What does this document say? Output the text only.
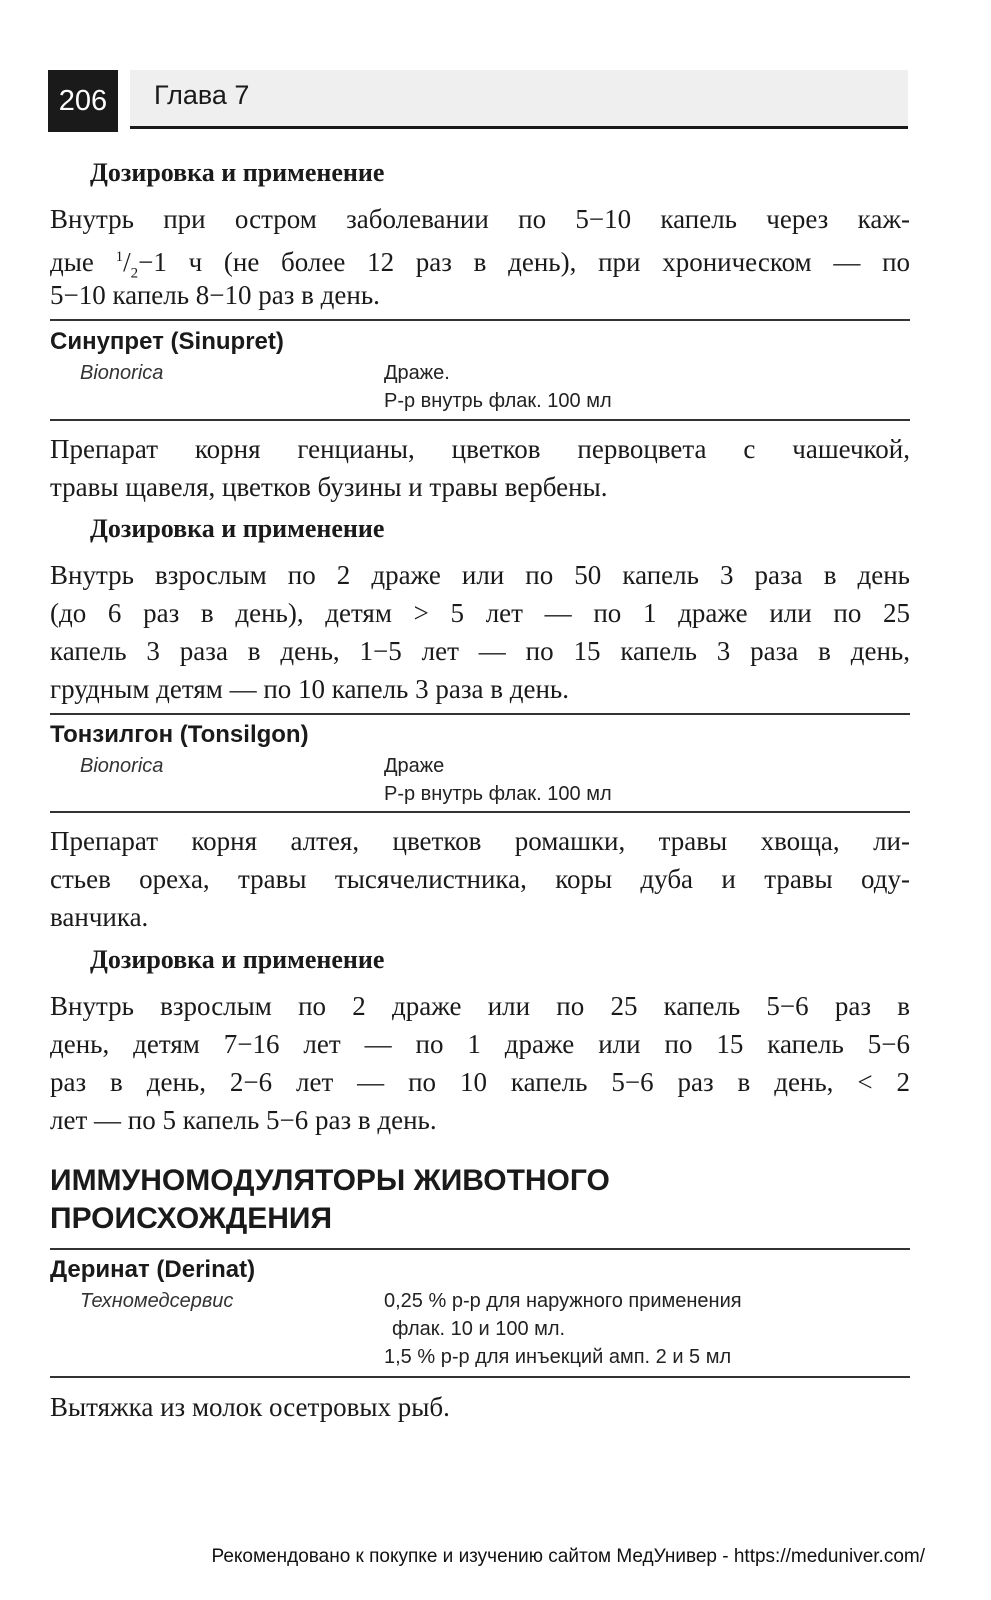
206	Глава 7
Дозировка и применение
Внутрь при остром заболевании по 5−10 капель через каж-
дые $^1/_2-1$ ч (не более 12 раз в день), при хроническом — по
5−10 капель 8−10 раз в день.
Синупрет (Sinupret)
Bionorica	Драже.
Р-р внутрь флак. 100 мл
Препарат корня генцианы, цветков первоцвета с чашечкой,
травы щавеля, цветков бузины и травы вербены.
Дозировка и применение
Внутрь взрослым по 2 драже или по 50 капель 3 раза в день
(до 6 раз в день), детям > 5 лет — по 1 драже или по 25
капель 3 раза в день, 1−5 лет — по 15 капель 3 раза в день,
грудным детям — по 10 капель 3 раза в день.
Тонзилгон (Tonsilgon)
Bionorica	Драже
Р-р внутрь флак. 100 мл
Препарат корня алтея, цветков ромашки, травы хвоща, ли-
стьев ореха, травы тысячелистника, коры дуба и травы оду-
ванчика.
Дозировка и применение
Внутрь взрослым по 2 драже или по 25 капель 5−6 раз в
день, детям 7−16 лет — по 1 драже или по 15 капель 5−6
раз в день, 2−6 лет — по 10 капель 5−6 раз в день, < 2
лет — по 5 капель 5−6 раз в день.
ИММУНОМОДУЛЯТОРЫ ЖИВОТНОГО
ПРОИСХОЖДЕНИЯ
Деринат (Derinat)
Техномедсервис	0,25 % р-р для наружного применения
флак. 10 и 100 мл.
1,5 % р-р для инъекций амп. 2 и 5 мл
Вытяжка из молок осетровых рыб.
Рекомендовано к покупке и изучению сайтом МедУнивер - https://meduniver.com/
